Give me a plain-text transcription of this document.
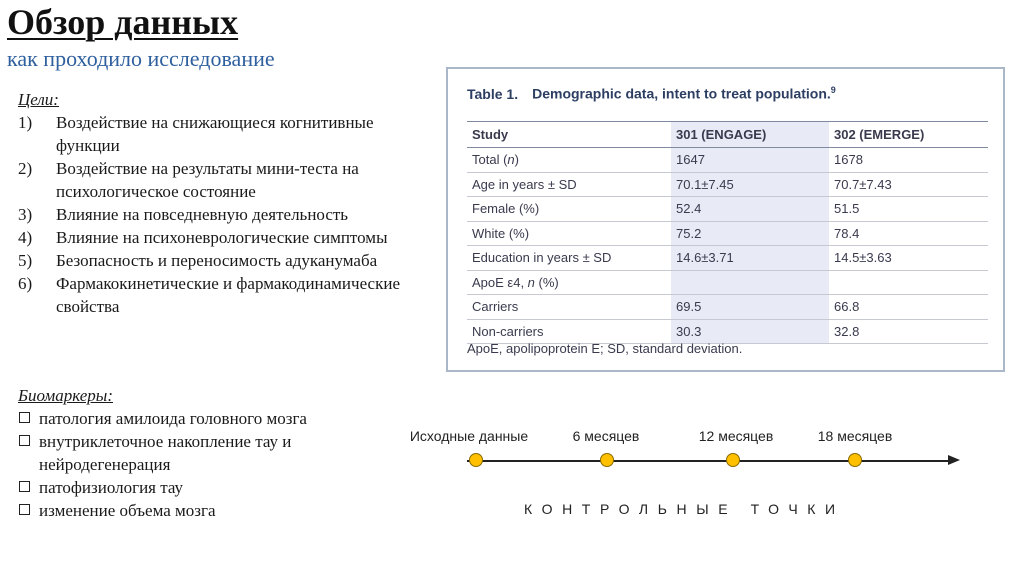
Обзор данных
как проходило исследование
Цели:
1)	Воздействие на снижающиеся когнитивные функции
2)	Воздействие на результаты мини-теста на психологическое состояние
3)	Влияние на повседневную деятельность
4)	Влияние на психоневрологические симптомы
5)	Безопасность и переносимость адуканумаба
6)	Фармакокинетические и фармакодинамические свойства
Биомаркеры:
патология амилоида головного мозга
внутриклеточное накопление тау и нейродегенерация
патофизиология тау
изменение объема мозга
Table 1. Demographic data, intent to treat population.$^9$
Study	301 (ENGAGE)	302 (EMERGE)
Total (n)	1647	1678
Age in years ± SD	70.1±7.45	70.7±7.43
Female (%)	52.4	51.5
White (%)	75.2	78.4
Education in years ± SD	14.6±3.71	14.5±3.63
ApoE ε4, n (%)		
Carriers	69.5	66.8
Non-carriers	30.3	32.8
ApoE, apolipoprotein E; SD, standard deviation.
Исходные данные	6 месяцев	12 месяцев	18 месяцев
КОНТРОЛЬНЫЕ ТОЧКИ
